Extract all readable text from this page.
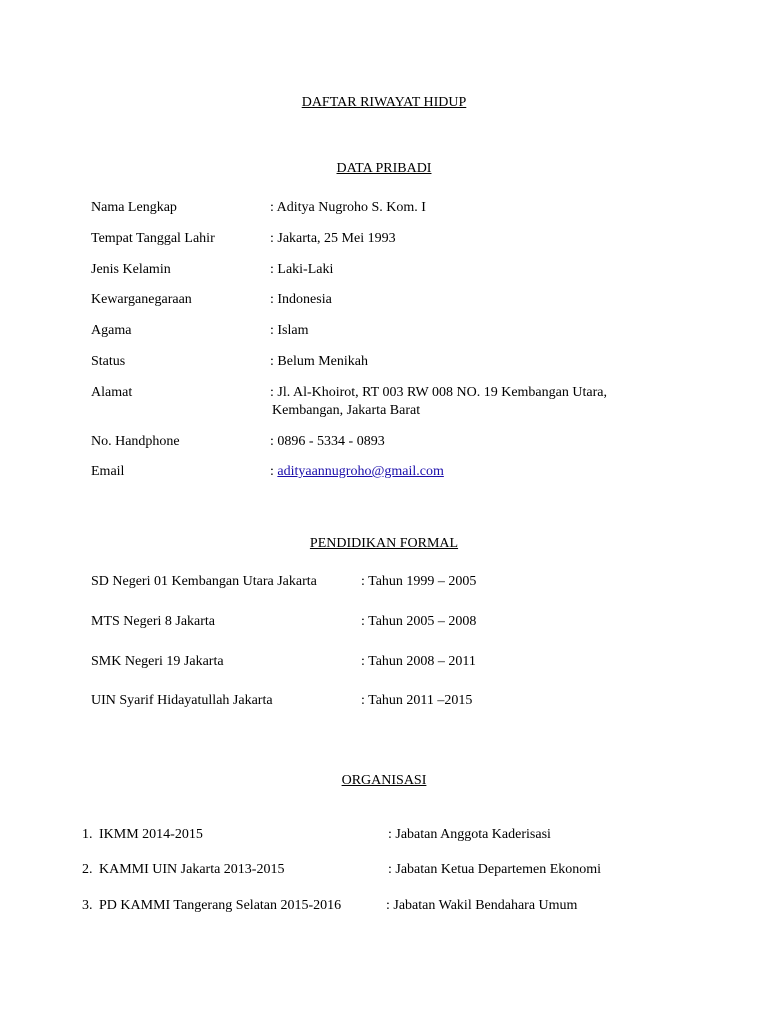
DAFTAR RIWAYAT HIDUP
DATA PRIBADI
Nama Lengkap	: Aditya Nugroho S. Kom. I
Tempat Tanggal Lahir	: Jakarta, 25 Mei 1993
Jenis Kelamin	: Laki-Laki
Kewarganegaraan	: Indonesia
Agama	: Islam
Status	: Belum Menikah
Alamat	: Jl. Al-Khoirot, RT 003 RW 008 NO. 19 Kembangan Utara,
Kembangan, Jakarta Barat
No. Handphone	: 0896 - 5334 - 0893
Email	: adityaannugroho@gmail.com
PENDIDIKAN FORMAL
SD Negeri 01 Kembangan Utara Jakarta	: Tahun 1999 – 2005
MTS Negeri 8 Jakarta	: Tahun 2005 – 2008
SMK Negeri 19 Jakarta	: Tahun 2008 – 2011
UIN Syarif Hidayatullah Jakarta	: Tahun 2011 –2015
ORGANISASI
1. IKMM 2014-2015	: Jabatan Anggota Kaderisasi
2. KAMMI UIN Jakarta 2013-2015	: Jabatan Ketua Departemen Ekonomi
3. PD KAMMI Tangerang Selatan 2015-2016	: Jabatan Wakil Bendahara Umum
